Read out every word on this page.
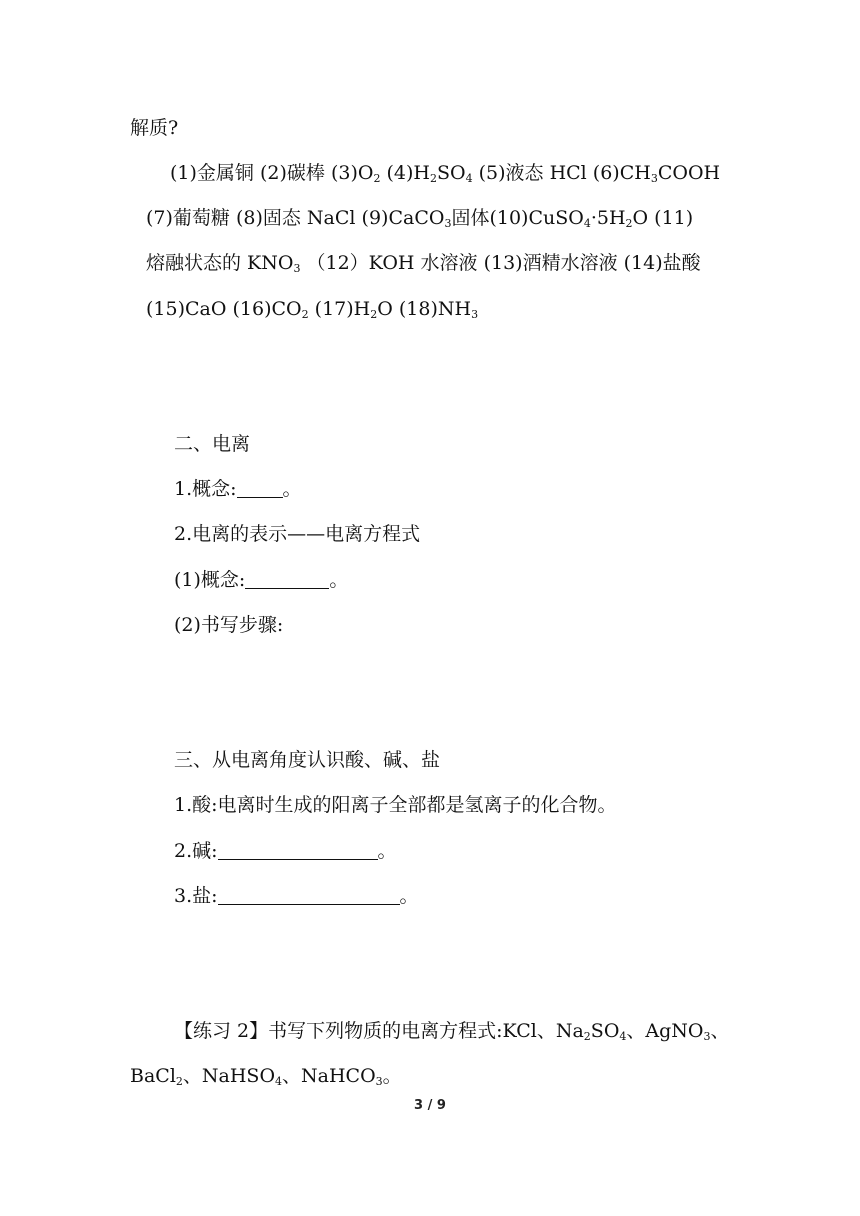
解质?
(1)金属铜 (2)碳棒 $(3)O_2$ $(4)H_2SO_4$ (5)液态 HCl $(6)CH_3COOH$
(7)葡萄糖 (8)固态 NaCl (9)CaCO$_3$固体$(10)CuSO_4\cdot 5H_2O$ (11)
熔融状态的 $KNO_3$ （12）KOH 水溶液 (13)酒精水溶液 (14)盐酸
(15)CaO $(16)CO_2$ $(17)H_2O$ $(18)NH_3$
二、电离
1.概念: 。
2.电离的表示——电离方程式
(1)概念:	。
(2)书写步骤:
三、从电离角度认识酸、碱、盐
1.酸:电离时生成的阳离子全部都是氢离子的化合物。
2.碱:	。
3.盐:	。
【练习 2】书写下列物质的电离方程式:KCl、$Na_2SO_4$、AgNO$_3$、
BaCl$_2$、NaHSO$_4$、NaHCO$_3$。
3 / 9
